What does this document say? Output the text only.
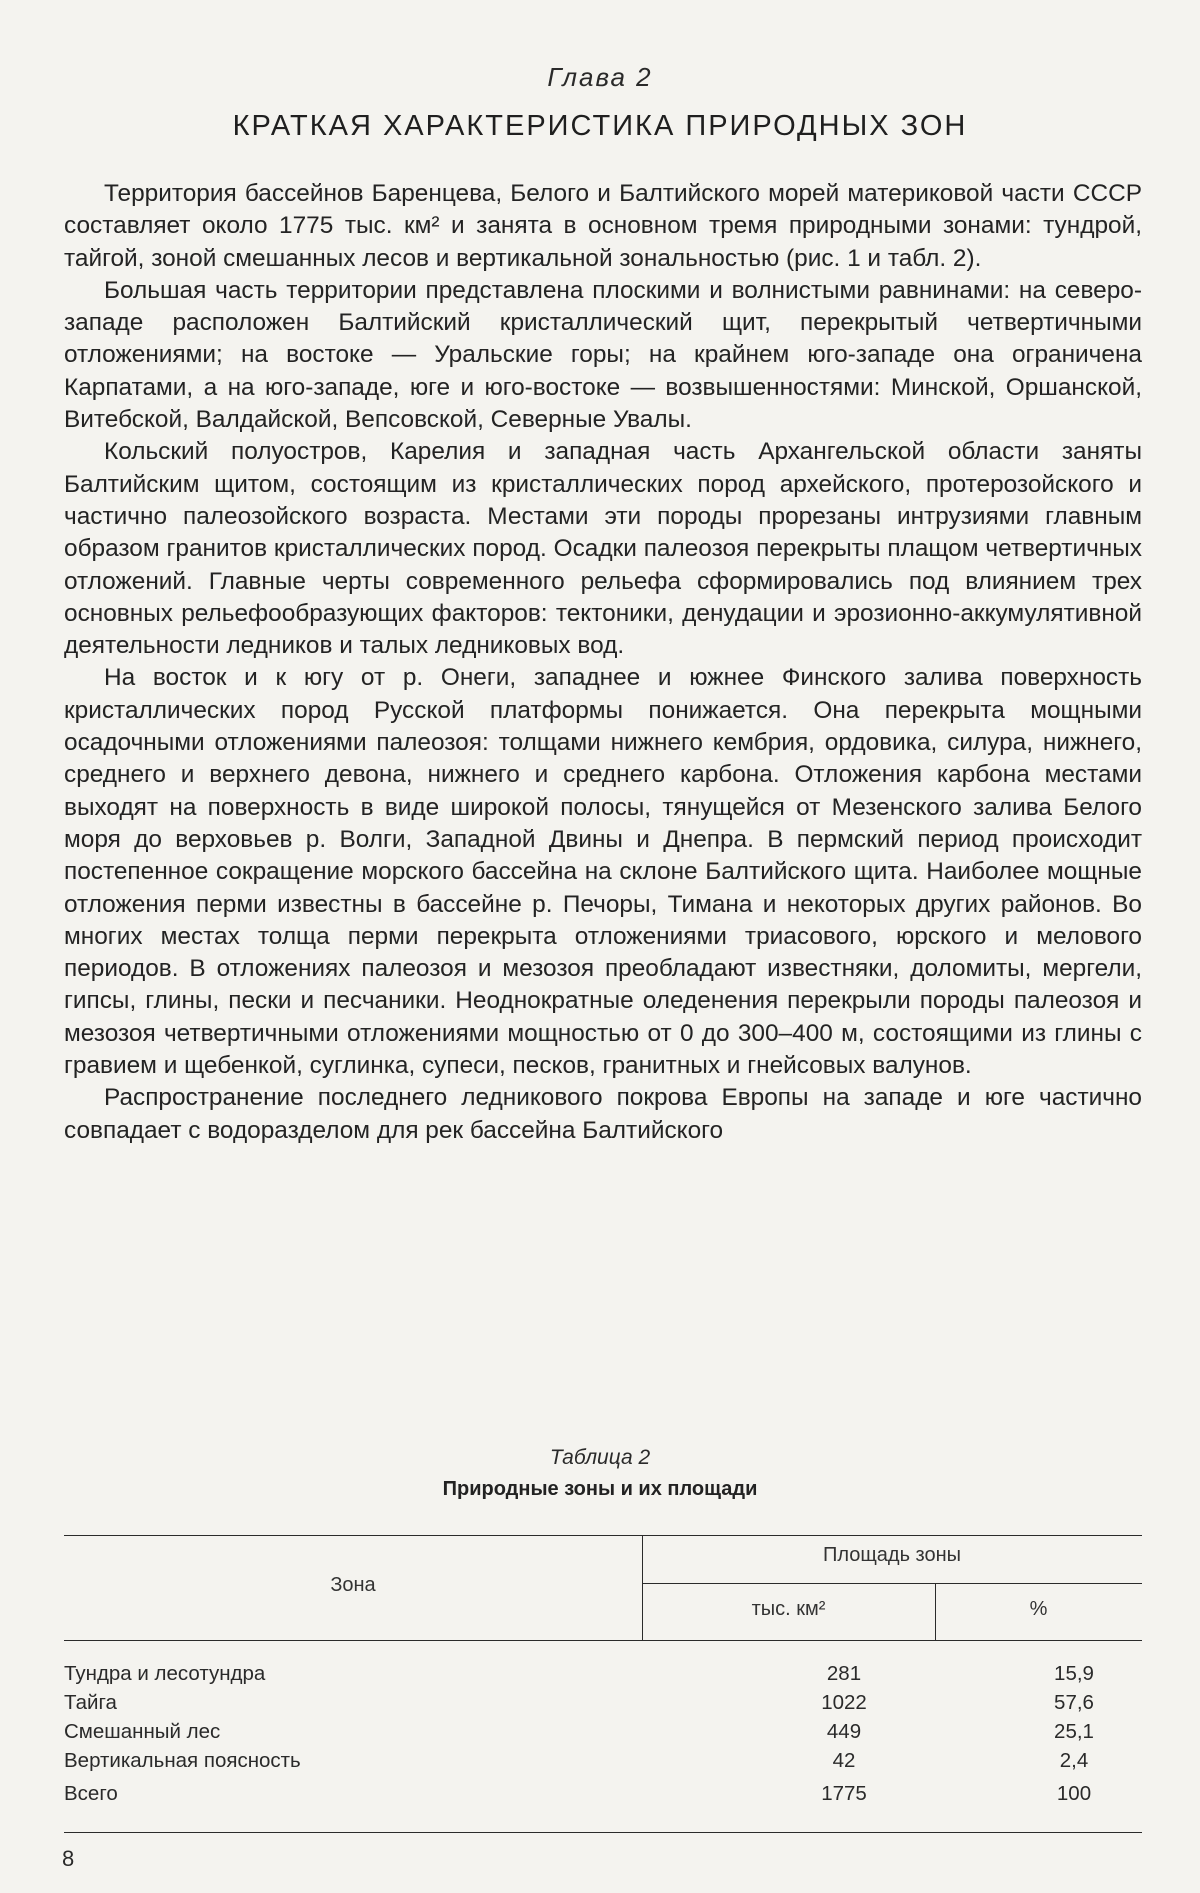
Глава 2
КРАТКАЯ ХАРАКТЕРИСТИКА ПРИРОДНЫХ ЗОН

Территория бассейнов Баренцева, Белого и Балтийского морей материковой части СССР составляет около 1775 тыс. км² и занята в основном тремя природными зонами: тундрой, тайгой, зоной смешанных лесов и вертикальной зональностью (рис. 1 и табл. 2).

Большая часть территории представлена плоскими и волнистыми равнинами: на северо-западе расположен Балтийский кристаллический щит, перекрытый четвертичными отложениями; на востоке — Уральские горы; на крайнем юго-западе она ограничена Карпатами, а на юго-западе, юге и юго-востоке — возвышенностями: Минской, Оршанской, Витебской, Валдайской, Вепсовской, Северные Увалы.

Кольский полуостров, Карелия и западная часть Архангельской области заняты Балтийским щитом, состоящим из кристаллических пород архейского, протерозойского и частично палеозойского возраста. Местами эти породы прорезаны интрузиями главным образом гранитов кристаллических пород. Осадки палеозоя перекрыты плащом четвертичных отложений. Главные черты современного рельефа сформировались под влиянием трех основных рельефообразующих факторов: тектоники, денудации и эрозионно-аккумулятивной деятельности ледников и талых ледниковых вод.

На восток и к югу от р. Онеги, западнее и южнее Финского залива поверхность кристаллических пород Русской платформы понижается. Она перекрыта мощными осадочными отложениями палеозоя: толщами нижнего кембрия, ордовика, силура, нижнего, среднего и верхнего девона, нижнего и среднего карбона. Отложения карбона местами выходят на поверхность в виде широкой полосы, тянущейся от Мезенского залива Белого моря до верховьев р. Волги, Западной Двины и Днепра. В пермский период происходит постепенное сокращение морского бассейна на склоне Балтийского щита. Наиболее мощные отложения перми известны в бассейне р. Печоры, Тимана и некоторых других районов. Во многих местах толща перми перекрыта отложениями триасового, юрского и мелового периодов. В отложениях палеозоя и мезозоя преобладают известняки, доломиты, мергели, гипсы, глины, пески и песчаники. Неоднократные оледенения перекрыли породы палеозоя и мезозоя четвертичными отложениями мощностью от 0 до 300–400 м, состоящими из глины с гравием и щебенкой, суглинка, супеси, песков, гранитных и гнейсовых валунов.

Распространение последнего ледникового покрова Европы на западе и юге частично совпадает с водоразделом для рек бассейна Балтийского

Таблица 2
Природные зоны и их площади
Зона
Площадь зоны
тыс. км²	%
Тундра и лесотундра	281	15,9
Тайга	1022	57,6
Смешанный лес	449	25,1
Вертикальная поясность	42	2,4
Всего	1775	100
8
